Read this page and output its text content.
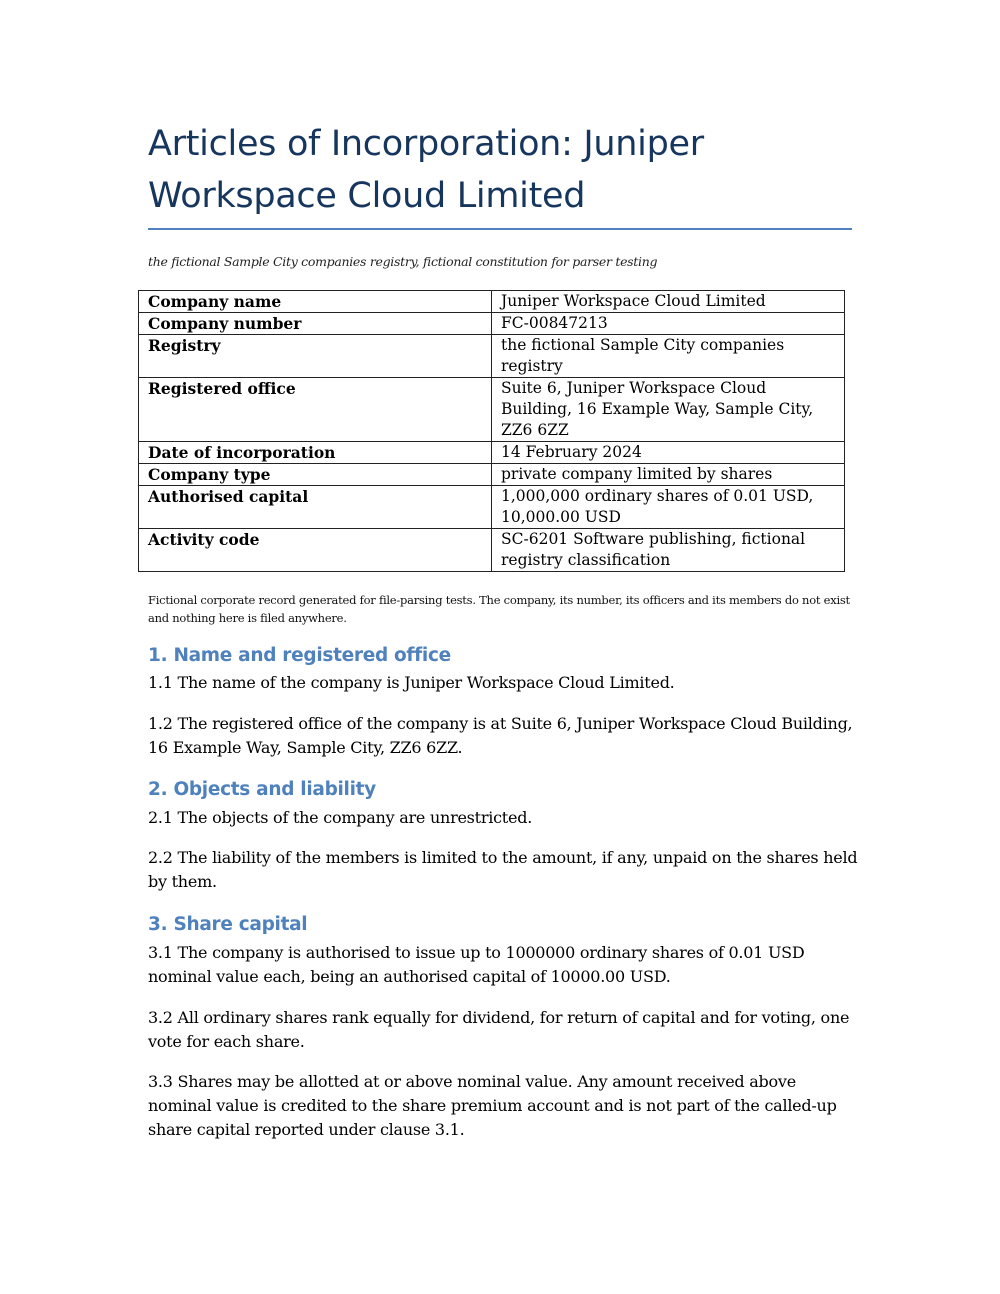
Articles of Incorporation: Juniper Workspace Cloud Limited
the fictional Sample City companies registry, fictional constitution for parser testing
Company name	Juniper Workspace Cloud Limited
Company number	FC-00847213
Registry	the fictional Sample City companies registry
Registered office	Suite 6, Juniper Workspace Cloud Building, 16 Example Way, Sample City, ZZ6 6ZZ
Date of incorporation	14 February 2024
Company type	private company limited by shares
Authorised capital	1,000,000 ordinary shares of 0.01 USD, 10,000.00 USD
Activity code	SC-6201 Software publishing, fictional registry classification
Fictional corporate record generated for file-parsing tests. The company, its number, its officers and its members do not exist and nothing here is filed anywhere.
1. Name and registered office

1.1 The name of the company is Juniper Workspace Cloud Limited.

1.2 The registered office of the company is at Suite 6, Juniper Workspace Cloud Building, 16 Example Way, Sample City, ZZ6 6ZZ.

2. Objects and liability

2.1 The objects of the company are unrestricted.

2.2 The liability of the members is limited to the amount, if any, unpaid on the shares held by them.

3. Share capital

3.1 The company is authorised to issue up to 1000000 ordinary shares of 0.01 USD nominal value each, being an authorised capital of 10000.00 USD.

3.2 All ordinary shares rank equally for dividend, for return of capital and for voting, one vote for each share.

3.3 Shares may be allotted at or above nominal value. Any amount received above nominal value is credited to the share premium account and is not part of the called-up share capital reported under clause 3.1.
